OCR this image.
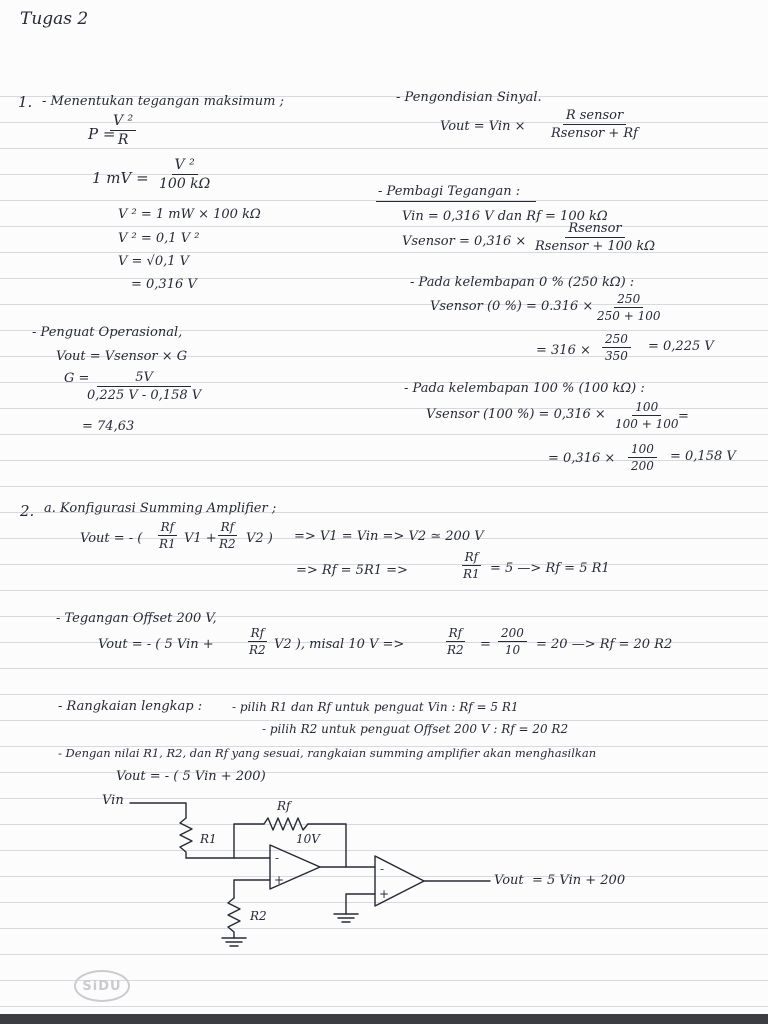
Tugas 2
1. - Menentukan tegangan maksimum ;
P =
$\frac{\text{V ²}}{R}$
1 mV = $\frac{\text{V ²}}{100 k\Omega}$
V ² = 1 mW × 100 kΩ
V ² = 0,1 V ²
V = √0,1 V
= 0,316 V
- Penguat Operasional,
Vout = Vsensor × G
G =
$\frac{5V}{0,225 V - 0,158 V}$
= 74,63
- Pengondisian Sinyal.
Vout = Vin ×
R sensor
Rsensor + Rf
- Pembagi Tegangan :
Vin = 0,316 V dan Rf = 100 kΩ
Vsensor = 0,316 ×
Rsensor
Rsensor + 100 kΩ
- Pada kelembapan 0 % (250 kΩ) :
Vsensor (0 %) = $0.316 \times \frac{250}{250 + 100}$
= $316 \times \frac{250}{350} = 0,225$ V
- Pada kelembapan 100 % (100 kΩ) :
Vsensor (100 %) = $0,316 \times \frac{100}{100 + 100}$
=
= $0,316 \times \frac{100}{200} = 0,158$ V
2. a. Konfigurasi Summing Amplifier ;
Vout = - ( $\frac{Rf}{R1} V1 + \frac{Rf}{R2} V2$ ) => V1 = Vin => V2 ≃ 200 V
=> Rf = 5R1 =>	$\frac{Rf}{R1} = 5$ —> Rf = 5 R1
- Tegangan Offset 200 V,
Vout = - ( 5 Vin +	$\frac{Rf}{R2} V2$ ), misal 10 V =>	$\frac{Rf}{R2} = \frac{200}{10} = 20$ —> Rf = 20 R2
- Rangkaian lengkap : - pilih R1 dan Rf untuk penguat Vin : Rf = 5 R1
- pilih R2 untuk penguat Offset 200 V : Rf = 20 R2
- Dengan nilai R1, R2, dan Rf yang sesuai, rangkaian summing amplifier akan menghasilkan
Vout = - ( 5 Vin + 200)
Vin	Rf
10V
R1
R2
-
+
-
+
Vout = 5 Vin + 200
SiDU
